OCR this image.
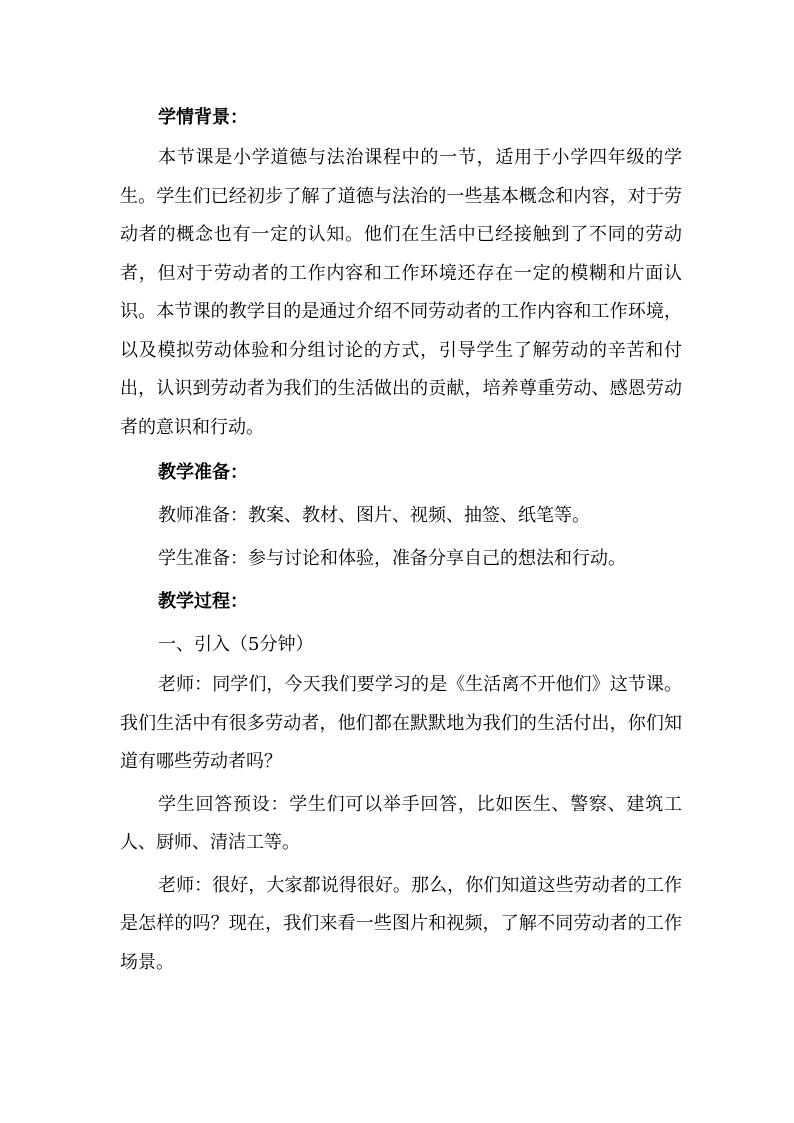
学情背景：

本节课是小学道德与法治课程中的一节，适用于小学四年级的学生。学生们已经初步了解了道德与法治的一些基本概念和内容，对于劳动者的概念也有一定的认知。他们在生活中已经接触到了不同的劳动者，但对于劳动者的工作内容和工作环境还存在一定的模糊和片面认识。本节课的教学目的是通过介绍不同劳动者的工作内容和工作环境，以及模拟劳动体验和分组讨论的方式，引导学生了解劳动的辛苦和付出，认识到劳动者为我们的生活做出的贡献，培养尊重劳动、感恩劳动者的意识和行动。

教学准备：
教师准备：教案、教材、图片、视频、抽签、纸笔等。
学生准备：参与讨论和体验，准备分享自己的想法和行动。
教学过程：
一、引入（5分钟）

老师：同学们，今天我们要学习的是《生活离不开他们》这节课。我们生活中有很多劳动者，他们都在默默地为我们的生活付出，你们知道有哪些劳动者吗？

学生回答预设：学生们可以举手回答，比如医生、警察、建筑工人、厨师、清洁工等。

老师：很好，大家都说得很好。那么，你们知道这些劳动者的工作是怎样的吗？现在，我们来看一些图片和视频，了解不同劳动者的工作场景。
